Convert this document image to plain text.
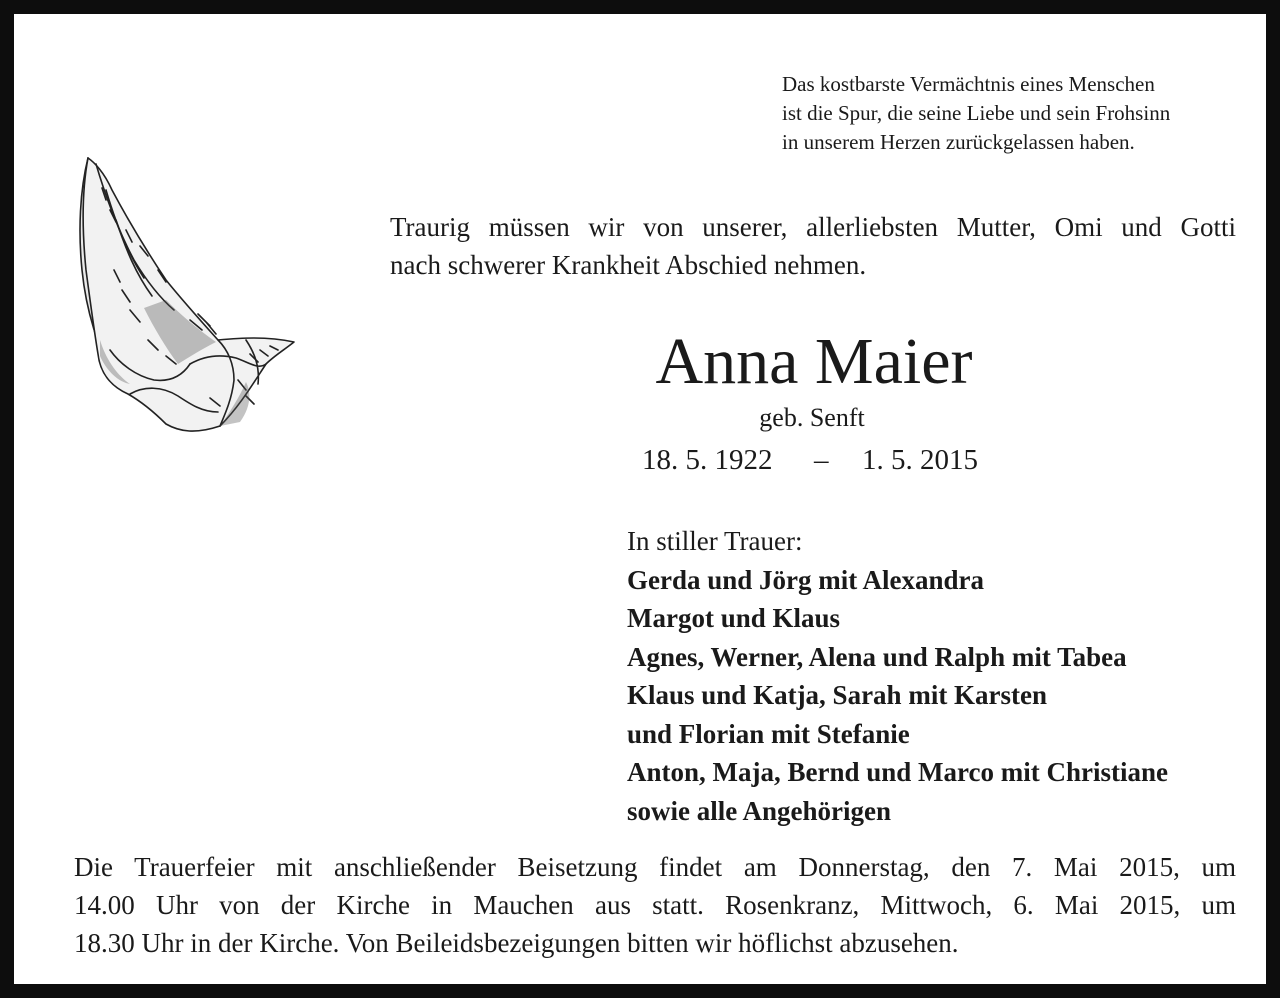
Das kostbarste Vermächtnis eines Menschen
ist die Spur, die seine Liebe und sein Frohsinn
in unserem Herzen zurückgelassen haben.
Traurig müssen wir von unserer, allerliebsten Mutter, Omi und Gotti
nach schwerer Krankheit Abschied nehmen.
Anna Maier
geb. Senft
18. 5. 1922 – 1. 5. 2015
In stiller Trauer:
Gerda und Jörg mit Alexandra
Margot und Klaus
Agnes, Werner, Alena und Ralph mit Tabea
Klaus und Katja, Sarah mit Karsten
und Florian mit Stefanie
Anton, Maja, Bernd und Marco mit Christiane
sowie alle Angehörigen
Die Trauerfeier mit anschließender Beisetzung findet am Donnerstag, den 7. Mai 2015, um
14.00 Uhr von der Kirche in Mauchen aus statt. Rosenkranz, Mittwoch, 6. Mai 2015, um
18.30 Uhr in der Kirche. Von Beileidsbezeigungen bitten wir höflichst abzusehen.
